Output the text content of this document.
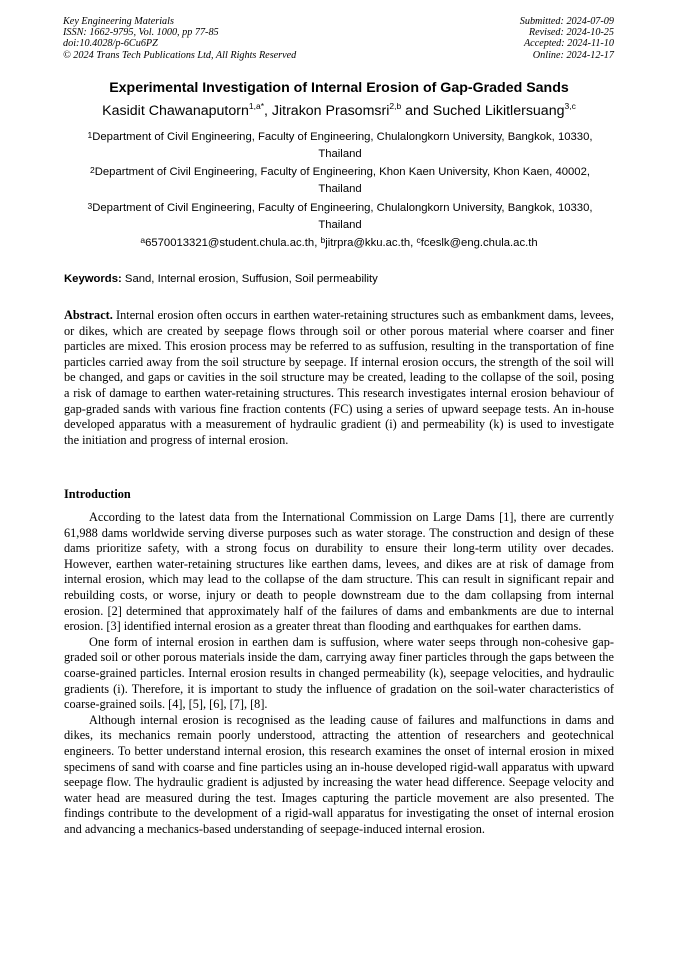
Key Engineering Materials
ISSN: 1662-9795, Vol. 1000, pp 77-85
doi:10.4028/p-6Cu6PZ
© 2024 Trans Tech Publications Ltd, All Rights Reserved
Submitted: 2024-07-09
Revised: 2024-10-25
Accepted: 2024-11-10
Online: 2024-12-17
Experimental Investigation of Internal Erosion of Gap-Graded Sands
Kasidit Chawanaputorn$^{1,a*}$, Jitrakon Prasomsri$^{2,b}$ and Suched Likitlersuang$^{3,c}$
$^1$Department of Civil Engineering, Faculty of Engineering, Chulalongkorn University, Bangkok, 10330, Thailand
$^2$Department of Civil Engineering, Faculty of Engineering, Khon Kaen University, Khon Kaen, 40002, Thailand
$^3$Department of Civil Engineering, Faculty of Engineering, Chulalongkorn University, Bangkok, 10330, Thailand
$^a$6570013321@student.chula.ac.th, $^b$jitrpra@kku.ac.th, $^c$fceslk@eng.chula.ac.th
Keywords: Sand, Internal erosion, Suffusion, Soil permeability
Abstract. Internal erosion often occurs in earthen water-retaining structures such as embankment dams, levees, or dikes, which are created by seepage flows through soil or other porous material where coarser and finer particles are mixed. This erosion process may be referred to as suffusion, resulting in the transportation of fine particles carried away from the soil structure by seepage. If internal erosion occurs, the strength of the soil will be changed, and gaps or cavities in the soil structure may be created, leading to the collapse of the soil, posing a risk of damage to earthen water-retaining structures. This research investigates internal erosion behaviour of gap-graded sands with various fine fraction contents (FC) using a series of upward seepage tests. An in-house developed apparatus with a measurement of hydraulic gradient (i) and permeability (k) is used to investigate the initiation and progress of internal erosion.
Introduction

According to the latest data from the International Commission on Large Dams [1], there are currently 61,988 dams worldwide serving diverse purposes such as water storage. The construction and design of these dams prioritize safety, with a strong focus on durability to ensure their long-term utility over decades. However, earthen water-retaining structures like earthen dams, levees, and dikes are at risk of damage from internal erosion, which may lead to the collapse of the dam structure. This can result in significant repair and rebuilding costs, or worse, injury or death to people downstream due to the dam collapsing from internal erosion. [2] determined that approximately half of the failures of dams and embankments are due to internal erosion. [3] identified internal erosion as a greater threat than flooding and earthquakes for earthen dams.

One form of internal erosion in earthen dam is suffusion, where water seeps through non-cohesive gap-graded soil or other porous materials inside the dam, carrying away finer particles through the gaps between the coarse-grained particles. Internal erosion results in changed permeability (k), seepage velocities, and hydraulic gradients (i). Therefore, it is important to study the influence of gradation on the soil-water characteristics of coarse-grained soils. [4], [5], [6], [7], [8].

Although internal erosion is recognised as the leading cause of failures and malfunctions in dams and dikes, its mechanics remain poorly understood, attracting the attention of researchers and geotechnical engineers. To better understand internal erosion, this research examines the onset of internal erosion in mixed specimens of sand with coarse and fine particles using an in-house developed rigid-wall apparatus with upward seepage flow. The hydraulic gradient is adjusted by increasing the water head difference. Seepage velocity and water head are measured during the test. Images capturing the particle movement are also presented. The findings contribute to the development of a rigid-wall apparatus for investigating the onset of internal erosion and advancing a mechanics-based understanding of seepage-induced internal erosion.
